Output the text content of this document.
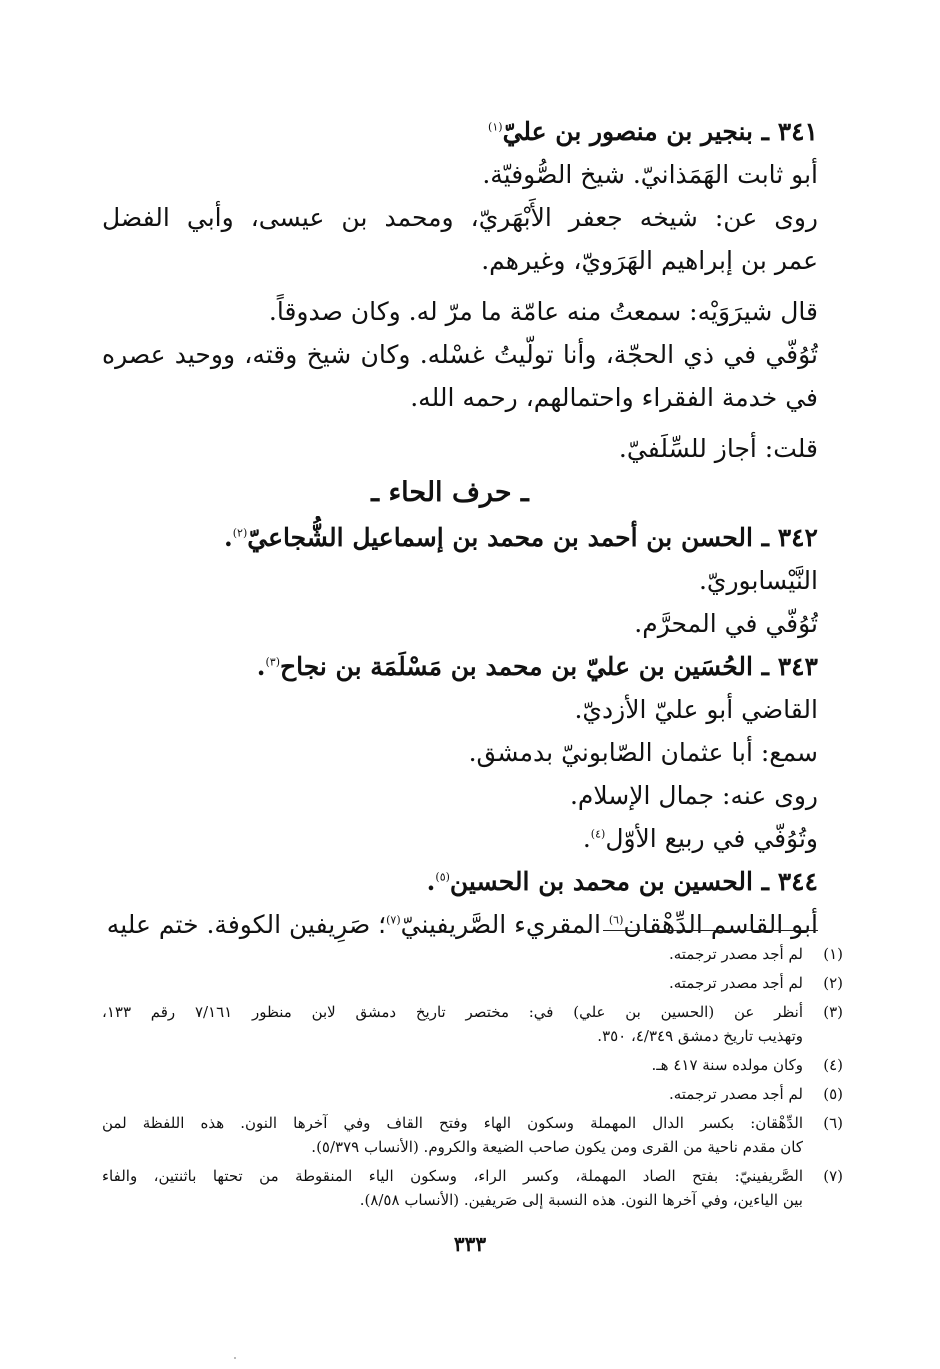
٣٤١ ـ بنجير بن منصور بن عليّ$^{(١)}$
أبو ثابت الهَمَذانيّ. شيخ الصُّوفيّة.
روى عن: شيخه جعفر الأَبْهَريّ، ومحمد بن عيسى، وأبي الفضل
عمر بن إبراهيم الهَرَويّ، وغيرهم.
قال شيرَوَيْه: سمعتُ منه عامّة ما مرّ له. وكان صدوقاً.
تُوُفّي في ذي الحجّة، وأنا تولّيتُ غسْله. وكان شيخ وقته، ووحيد عصره
في خدمة الفقراء واحتمالهم، رحمه الله.
قلت: أجاز للسِّلَفيّ.
ـ حرف الحاء ـ
٣٤٢ ـ الحسن بن أحمد بن محمد بن إسماعيل الشُّجاعيّ$^{(٢)}$.
النَّيْسابوريّ.
تُوُفّي في المحرَّم.
٣٤٣ ـ الحُسَين بن عليّ بن محمد بن مَسْلَمَة بن نجاح$^{(٣)}$.
القاضي أبو عليّ الأزديّ.
سمع: أبا عثمان الصّابونيّ بدمشق.
روى عنه: جمال الإسلام.
وتُوُفّي في ربيع الأوّل$^{(٤)}$.
٣٤٤ ـ الحسين بن محمد بن الحسين$^{(٥)}$.
أبو القاسم الدِّهْقان$^{(٦)}$ المقريء الصَّريفينيّ$^{(٧)}$؛ صَرِيفين الكوفة. ختم عليه
(١)
لم أجد مصدر ترجمته.
(٢)
لم أجد مصدر ترجمته.
(٣)
أنظر عن (الحسين بن علي) في: مختصر تاريخ دمشق لابن منظور ٧/١٦١ رقم ١٣٣،
وتهذيب تاريخ دمشق ٤/٣٤٩، ٣٥٠.
(٤)
وكان مولده سنة ٤١٧ هـ.
(٥)
لم أجد مصدر ترجمته.
(٦)
الدِّهْقان: بكسر الدال المهملة وسكون الهاء وفتح القاف وفي آخرها النون. هذه اللفظة لمن
كان مقدم ناحية من القرى ومن يكون صاحب الضيعة والكروم. (الأنساب ٥/٣٧٩).
(٧)
الصَّريفينيّ: بفتح الصاد المهملة، وكسر الراء، وسكون الياء المنقوطة من تحتها باثنتين، والفاء
بين الياءين، وفي آخرها النون. هذه النسبة إلى صَريفين. (الأنساب ٨/٥٨).
٣٣٣
